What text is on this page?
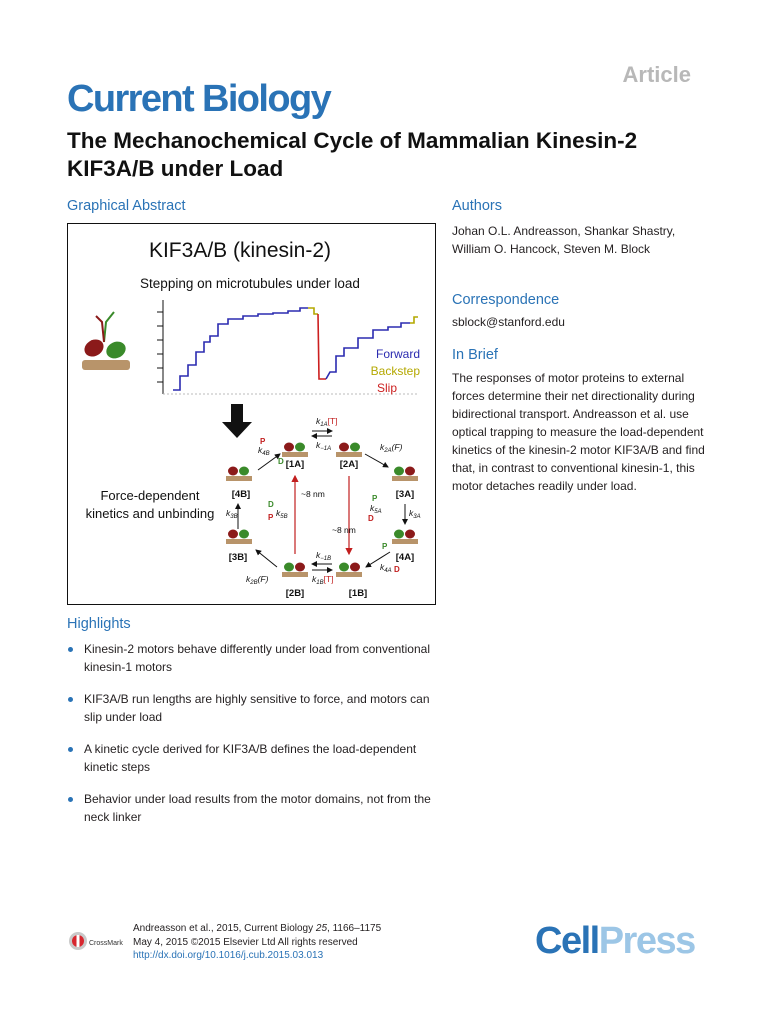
Article
Current Biology
The Mechanochemical Cycle of Mammalian Kinesin-2 KIF3A/B under Load
Graphical Abstract
KIF3A/B (kinesin-2)
Stepping on microtubules under load
Forward
Backstep
Slip
Force-dependent
kinetics and unbinding
[1A]	[2A]
[3A]
[4A]
[1B]
[2B]
[3B]
[4B]	~8 nm
~8 nm
$k_{1A}[T]$
$k_{-1A}$	$k_{2A}(F)$
$k_{3A}$
$k_{5A}$
$k_{4A}$
$k_{-1B}$
$k_{1B}[T]$
$k_{2B}(F)$
$k_{3B}$	$k_{5B}$
$k_{4B}$
P
D
D
P
P
D
P
D
Authors
Johan O.L. Andreasson, Shankar Shastry, William O. Hancock, Steven M. Block
Correspondence
sblock@stanford.edu
In Brief
The responses of motor proteins to external forces determine their net directionality during bidirectional transport. Andreasson et al. use optical trapping to measure the load-dependent kinetics of the kinesin-2 motor KIF3A/B and find that, in contrast to conventional kinesin-1, this motor detaches readily under load.
Highlights
Kinesin-2 motors behave differently under load from conventional kinesin-1 motors
KIF3A/B run lengths are highly sensitive to force, and motors can slip under load
A kinetic cycle derived for KIF3A/B defines the load-dependent kinetic steps
Behavior under load results from the motor domains, not from the neck linker
CrossMark
Andreasson et al., 2015, Current Biology 25, 1166–1175
May 4, 2015 ©2015 Elsevier Ltd All rights reserved
http://dx.doi.org/10.1016/j.cub.2015.03.013	CellPress
